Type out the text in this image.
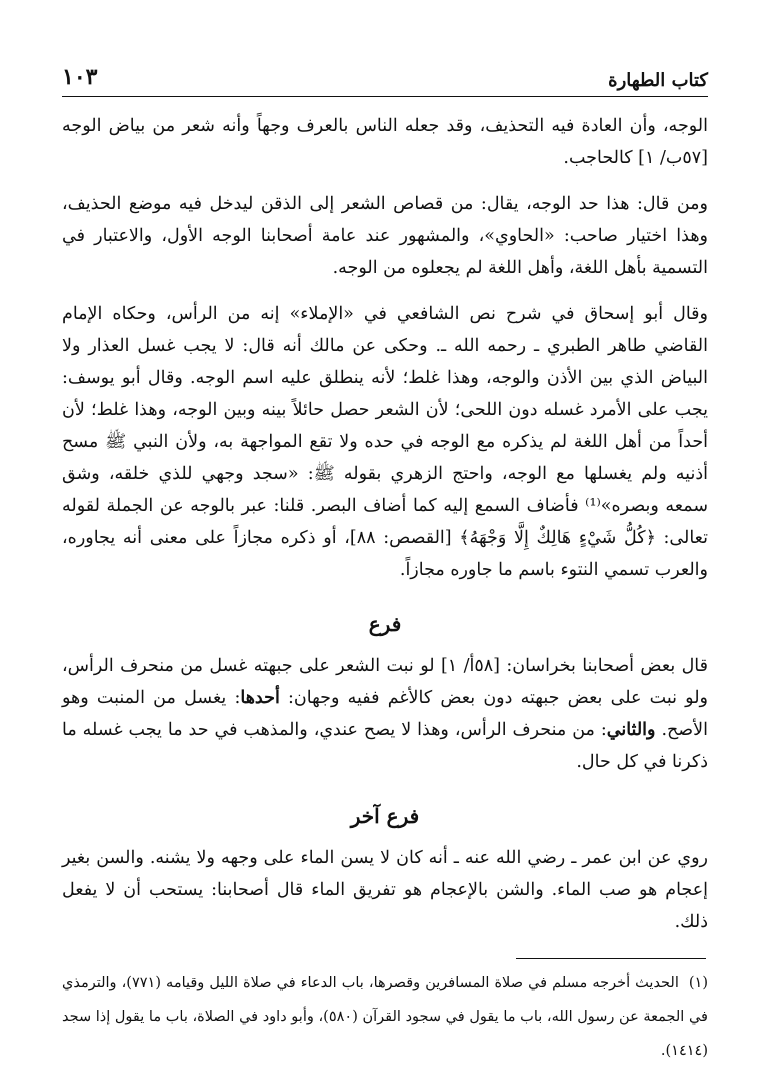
كتاب الطهارة
١٠٣

الوجه، وأن العادة فيه التحذيف، وقد جعله الناس بالعرف وجهاً وأنه شعر من بياض الوجه [٥٧ب/ ١] كالحاجب.

ومن قال: هذا حد الوجه، يقال: من قصاص الشعر إلى الذقن ليدخل فيه موضع الحذيف، وهذا اختيار صاحب: «الحاوي»، والمشهور عند عامة أصحابنا الوجه الأول، والاعتبار في التسمية بأهل اللغة، وأهل اللغة لم يجعلوه من الوجه.

وقال أبو إسحاق في شرح نص الشافعي في «الإملاء» إنه من الرأس، وحكاه الإمام القاضي طاهر الطبري ـ رحمه الله ـ. وحكى عن مالك أنه قال: لا يجب غسل العذار ولا البياض الذي بين الأذن والوجه، وهذا غلط؛ لأنه ينطلق عليه اسم الوجه. وقال أبو يوسف: يجب على الأمرد غسله دون اللحى؛ لأن الشعر حصل حائلاً بينه وبين الوجه، وهذا غلط؛ لأن أحداً من أهل اللغة لم يذكره مع الوجه في حده ولا تقع المواجهة به، ولأن النبي ﷺ مسح أذنيه ولم يغسلها مع الوجه، واحتج الزهري بقوله ﷺ: «سجد وجهي للذي خلقه، وشق سمعه وبصره»⁽¹⁾ فأضاف السمع إليه كما أضاف البصر. قلنا: عبر بالوجه عن الجملة لقوله تعالى: ﴿كُلُّ شَيْءٍ هَالِكٌ إِلَّا وَجْهَهُ﴾ [القصص: ٨٨]، أو ذكره مجازاً على معنى أنه يجاوره، والعرب تسمي النتوء باسم ما جاوره مجازاً.

فرع

قال بعض أصحابنا بخراسان: [٥٨أ/ ١] لو نبت الشعر على جبهته غسل من منحرف الرأس، ولو نبت على بعض جبهته دون بعض كالأغم ففيه وجهان: أحدها: يغسل من المنبت وهو الأصح. والثاني: من منحرف الرأس، وهذا لا يصح عندي، والمذهب في حد ما يجب غسله ما ذكرنا في كل حال.

فرع آخر

روي عن ابن عمر ـ رضي الله عنه ـ أنه كان لا يسن الماء على وجهه ولا يشنه. والسن بغير إعجام هو صب الماء. والشن بالإعجام هو تفريق الماء قال أصحابنا: يستحب أن لا يفعل ذلك.

(١)الحديث أخرجه مسلم في صلاة المسافرين وقصرها، باب الدعاء في صلاة الليل وقيامه (٧٧١)، والترمذي في الجمعة عن رسول الله، باب ما يقول في سجود القرآن (٥٨٠)، وأبو داود في الصلاة، باب ما يقول إذا سجد (١٤١٤).
